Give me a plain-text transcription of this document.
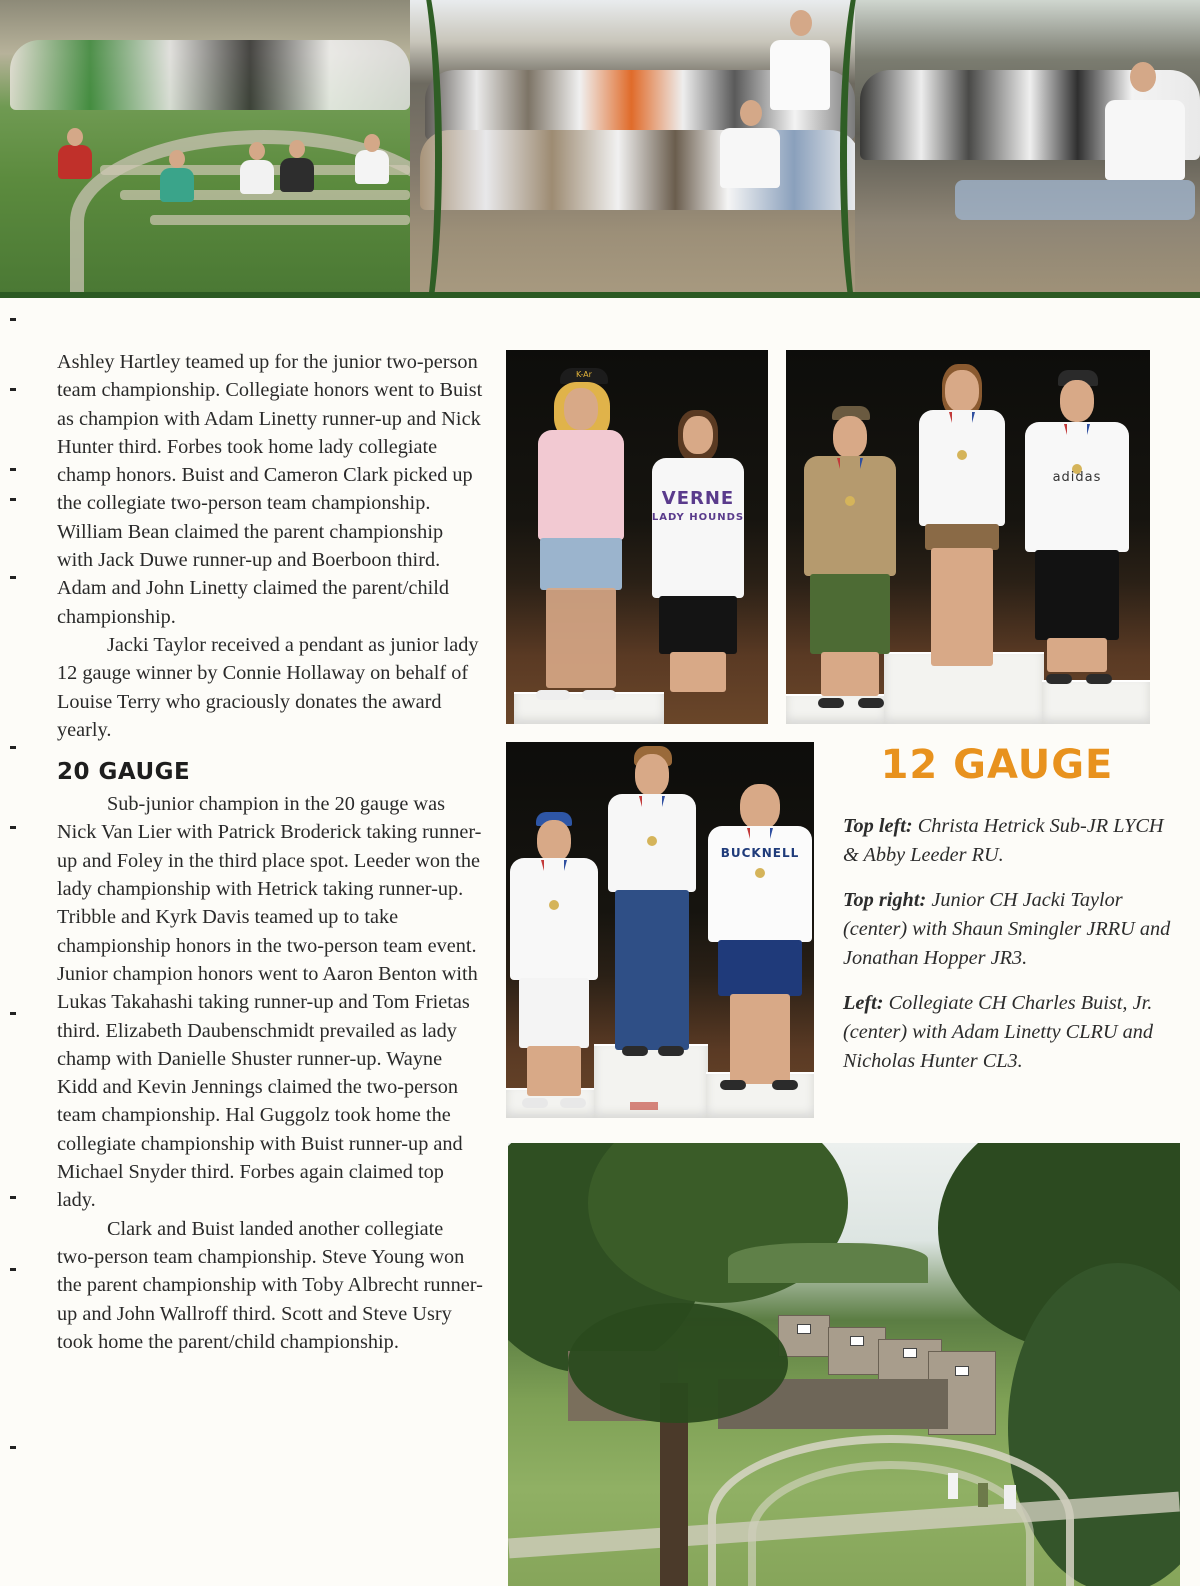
Ashley Hartley teamed up for the junior two-person team championship. Collegiate honors went to Buist as champion with Adam Linetty runner-up and Nick Hunter third. Forbes took home lady collegiate champ honors. Buist and Cameron Clark picked up the collegiate two-person team championship. William Bean claimed the parent championship with Jack Duwe runner-up and Boerboon third. Adam and John Linetty claimed the parent/child championship.

Jacki Taylor received a pendant as junior lady 12 gauge winner by Connie Hollaway on behalf of Louise Terry who graciously donates the award yearly.

20 GAUGE

Sub-junior champion in the 20 gauge was Nick Van Lier with Patrick Broderick taking runner-up and Foley in the third place spot. Leeder won the lady championship with Hetrick taking runner-up. Tribble and Kyrk Davis teamed up to take championship honors in the two-person team event. Junior champion honors went to Aaron Benton with Lukas Takahashi taking runner-up and Tom Frietas third. Elizabeth Daubenschmidt prevailed as lady champ with Danielle Shuster runner-up. Wayne Kidd and Kevin Jennings claimed the two-person team championship. Hal Guggolz took home the collegiate championship with Buist runner-up and Michael Snyder third. Forbes again claimed top lady.

Clark and Buist landed another collegiate two-person team championship. Steve Young won the parent championship with Toby Albrecht runner-up and John Wallroff third. Scott and Steve Usry took home the parent/child championship.

K-Ar
VERNE
LADY HOUNDS
adidas
BUCKNELL
12 GAUGE
Top left: Christa Hetrick Sub-JR LYCH & Abby Leeder RU.
Top right: Junior CH Jacki Taylor (center) with Shaun Smingler JRRU and Jonathan Hopper JR3.
Left: Collegiate CH Charles Buist, Jr. (center) with Adam Linetty CLRU and Nicholas Hunter CL3.
